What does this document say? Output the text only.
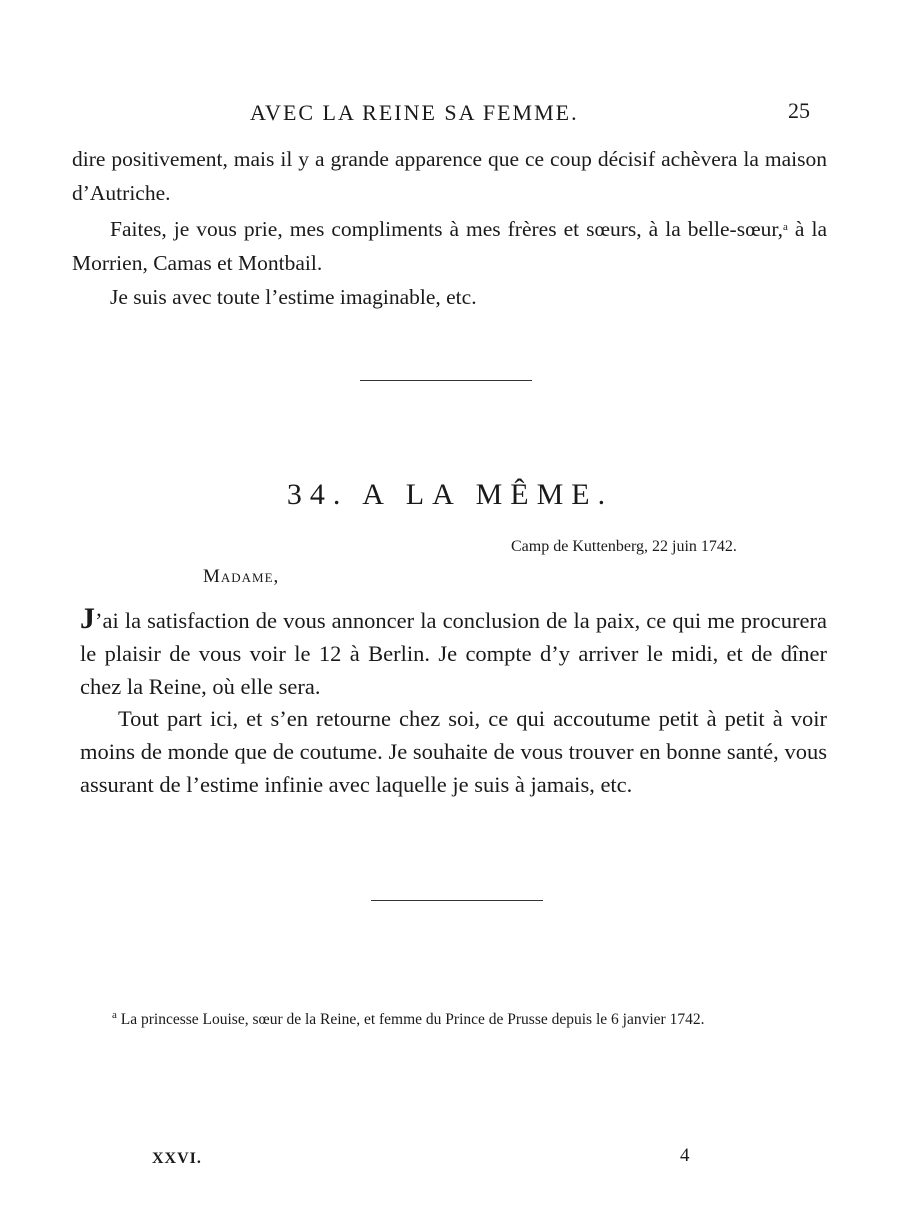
AVEC LA REINE SA FEMME.	25

dire positivement, mais il y a grande apparence que ce coup décisif achèvera la maison d’Autriche.

Faites, je vous prie, mes compliments à mes frères et sœurs, à la belle-sœur,$^a$ à la Morrien, Camas et Montbail.

Je suis avec toute l’estime imaginable, etc.

34. A LA MÊME.
Camp de Kuttenberg, 22 juin 1742.
Madame,

J’ai la satisfaction de vous annoncer la conclusion de la paix, ce qui me procurera le plaisir de vous voir le 12 à Berlin. Je compte d’y arriver le midi, et de dîner chez la Reine, où elle sera.

Tout part ici, et s’en retourne chez soi, ce qui accoutume petit à petit à voir moins de monde que de coutume. Je souhaite de vous trouver en bonne santé, vous assurant de l’estime infinie avec laquelle je suis à jamais, etc.

$^a$ La princesse Louise, sœur de la Reine, et femme du Prince de Prusse depuis le 6 janvier 1742.

XXVI.	4
